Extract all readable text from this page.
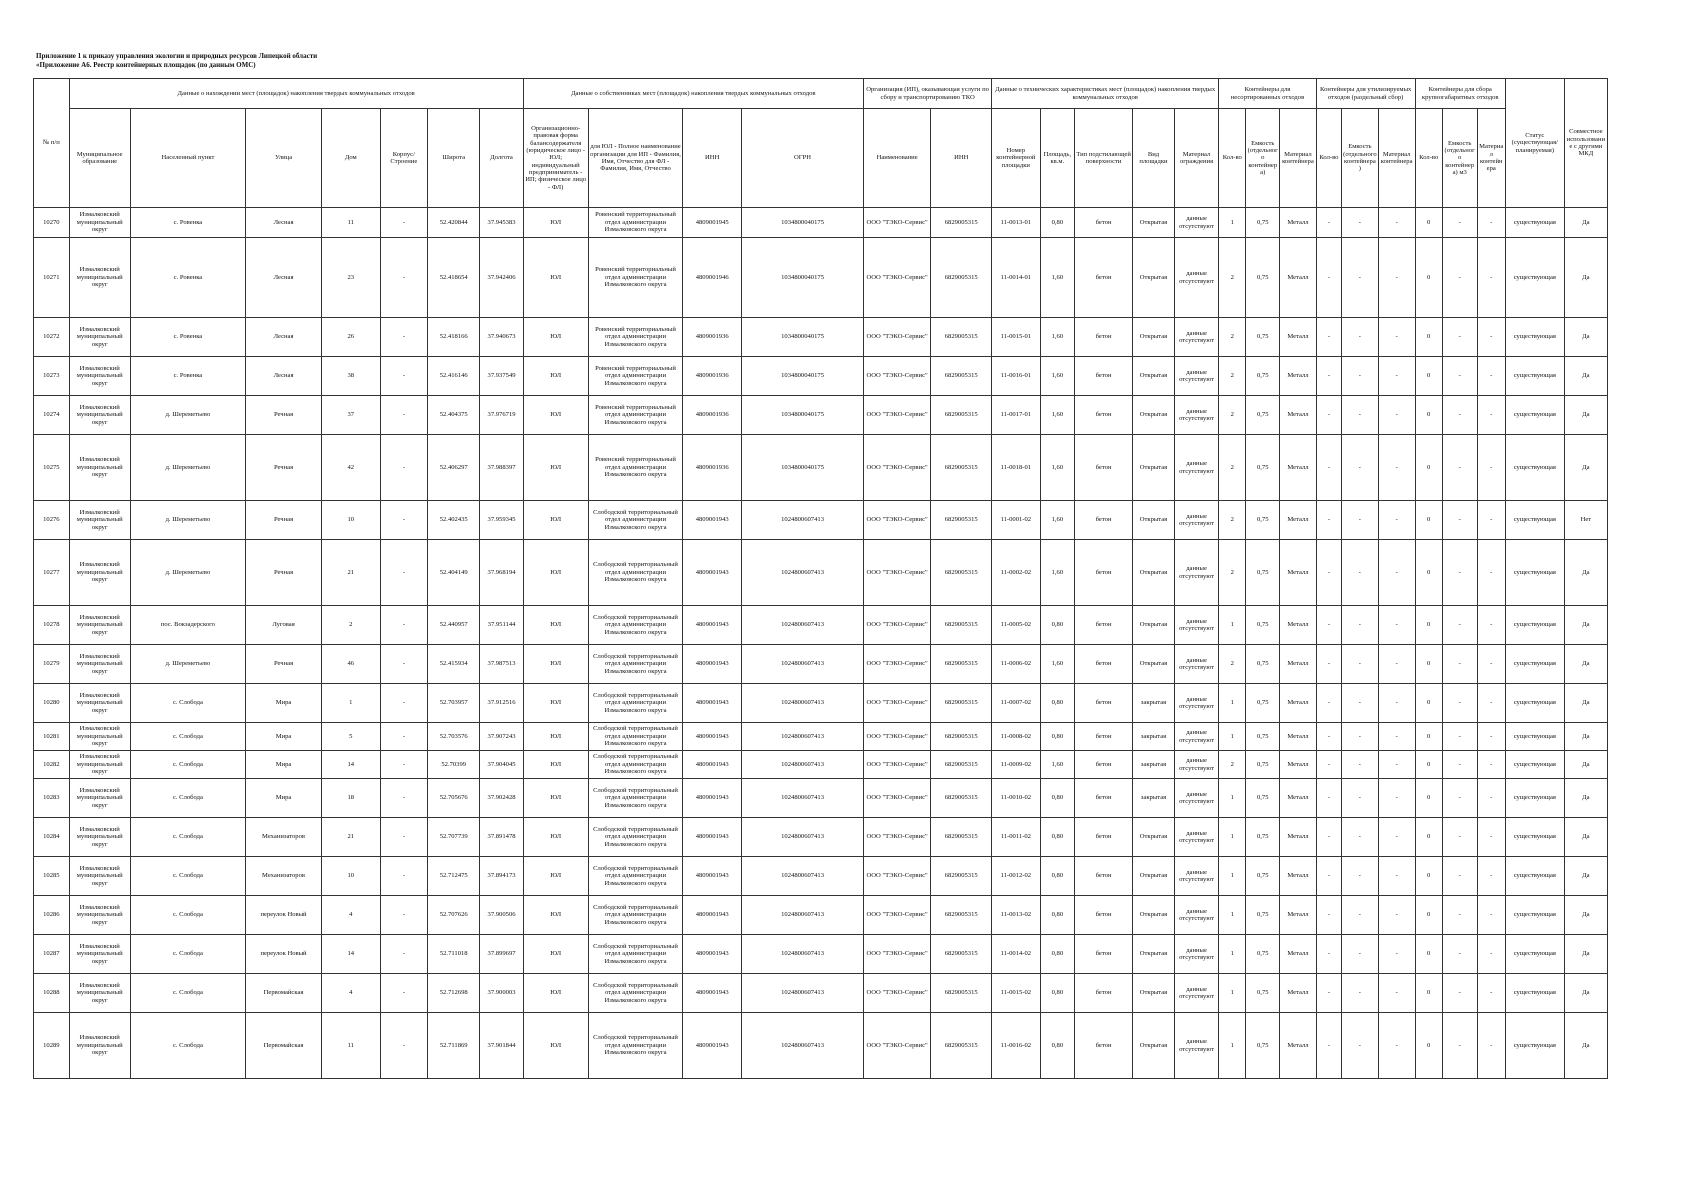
Приложение 1 к приказу управления экологии и природных ресурсов Липецкой области
«Приложение А6. Реестр контейнерных площадок (по данным ОМС)
№ п/п	Данные о нахождении мест (площадок) накопления твердых коммунальных отходов							Данные о собственниках мест (площадок) накопления твердых коммунальных отходов				Организация (ИП), оказывающая услуги по сбору и транспортированию ТКО		Данные о технических характеристиках мест (площадок) накопления твердых коммунальных отходов					Контейнеры для несортированных отходов			Контейнеры для утилизируемых отходов (раздельный сбор)			Контейнеры для сбора крупногабаритных отходов			Статус (существующая/ планируемая)	Совместное использование с другими МКД
	Муниципальное образование	Населенный пункт	Улица	Дом	Корпус/Строение	Широта	Долгота	Организационно-правовая форма балансодержателя (юридическое лицо - ЮЛ; индивидуальный предприниматель - ИП; физическое лицо - ФЛ)	для ЮЛ - Полное наименование организации для ИП - Фамилия, Имя, Отчество для ФЛ - Фамилия, Имя, Отчество	ИНН	ОГРН	Наименование	ИНН	Номер контейнерной площадки	Площадь, кв.м.	Тип подстилающей поверхности	Вид площадки	Материал ограждения	Кол-во	Емкость (отдельного контейнера)	Материал контейнера	Кол-во	Емкость (отдельного контейнера)	Материал контейнера	Кол-во	Емкость (отдельного контейнера) м3	Материал контейнера		

10270	Измалковский муниципальный округ	с. Ровенка	Лесная	11	-	52.420844	37.945383	ЮЛ	Ровенский территориальный отдел администрации Измалковского округа	4809001945	1034800040175	ООО "ТЭКО-Сервис"	6829005315	11-0013-01	0,80	бетон	Открытая	данные отсутствуют	1	0,75	Металл	-	-	-	0	-	-	существующая	Да

10271	Измалковский муниципальный округ	с. Ровенка	Лесная	23	-	52.418654	37.942406	ЮЛ	Ровенский территориальный отдел администрации Измалковского округа	4809001946	1034800040175	ООО "ТЭКО-Сервис"	6829005315	11-0014-01	1,60	бетон	Открытая	данные отсутствуют	2	0,75	Металл	-	-	-	0	-	-	существующая	Да

10272	Измалковский муниципальный округ	с. Ровенка	Лесная	26	-	52.418166	37.940673	ЮЛ	Ровенский территориальный отдел администрации Измалковского округа	4809001936	1034800040175	ООО "ТЭКО-Сервис"	6829005315	11-0015-01	1,60	бетон	Открытая	данные отсутствуют	2	0,75	Металл	-	-	-	0	-	-	существующая	Да

10273	Измалковский муниципальный округ	с. Ровенка	Лесная	38	-	52.416146	37.937549	ЮЛ	Ровенский территориальный отдел администрации Измалковского округа	4809001936	1034800040175	ООО "ТЭКО-Сервис"	6829005315	11-0016-01	1,60	бетон	Открытая	данные отсутствуют	2	0,75	Металл	-	-	-	0	-	-	существующая	Да

10274	Измалковский муниципальный округ	д. Шереметьево	Речная	37	-	52.404375	37.976719	ЮЛ	Ровенский территориальный отдел администрации Измалковского округа	4809001936	1034800040175	ООО "ТЭКО-Сервис"	6829005315	11-0017-01	1,60	бетон	Открытая	данные отсутствуют	2	0,75	Металл	-	-	-	0	-	-	существующая	Да

10275	Измалковский муниципальный округ	д. Шереметьево	Речная	42	-	52.406297	37.988397	ЮЛ	Ровенский территориальный отдел администрации Измалковского округа	4809001936	1034800040175	ООО "ТЭКО-Сервис"	6829005315	11-0018-01	1,60	бетон	Открытая	данные отсутствуют	2	0,75	Металл	-	-	-	0	-	-	существующая	Да

10276	Измалковский муниципальный округ	д. Шереметьево	Речная	10	-	52.402435	37.959345	ЮЛ	Слободской территориальный отдел администрации Измалковского округа	4809001943	1024800607413	ООО "ТЭКО-Сервис"	6829005315	11-0001-02	1,60	бетон	Открытая	данные отсутствуют	2	0,75	Металл	-	-	-	0	-	-	существующая	Нет

10277	Измалковский муниципальный округ	д. Шереметьево	Речная	21	-	52.404149	37.968194	ЮЛ	Слободской территориальный отдел администрации Измалковского округа	4809001943	1024800607413	ООО "ТЭКО-Сервис"	6829005315	11-0002-02	1,60	бетон	Открытая	данные отсутствуют	2	0,75	Металл	-	-	-	0	-	-	существующая	Да

10278	Измалковский муниципальный округ	пос. Вокзадерского	Луговая	2	-	52.440957	37.951144	ЮЛ	Слободской территориальный отдел администрации Измалковского округа	4809001943	1024800607413	ООО "ТЭКО-Сервис"	6829005315	11-0005-02	0,80	бетон	Открытая	данные отсутствуют	1	0,75	Металл	-	-	-	0	-	-	существующая	Да

10279	Измалковский муниципальный округ	д. Шереметьево	Речная	46	-	52.415934	37.987513	ЮЛ	Слободской территориальный отдел администрации Измалковского округа	4809001943	1024800607413	ООО "ТЭКО-Сервис"	6829005315	11-0006-02	1,60	бетон	Открытая	данные отсутствуют	2	0,75	Металл	-	-	-	0	-	-	существующая	Да

10280	Измалковский муниципальный округ	с. Слобода	Мира	1	-	52.703957	37.912516	ЮЛ	Слободской территориальный отдел администрации Измалковского округа	4809001943	1024800607413	ООО "ТЭКО-Сервис"	6829005315	11-0007-02	0,80	бетон	закрытая	данные отсутствуют	1	0,75	Металл	-	-	-	0	-	-	существующая	Да

10281	Измалковский муниципальный округ	с. Слобода	Мира	5	-	52.703576	37.907243	ЮЛ	Слободской территориальный отдел администрации Измалковского округа	4809001943	1024800607413	ООО "ТЭКО-Сервис"	6829005315	11-0008-02	0,80	бетон	закрытая	данные отсутствуют	1	0,75	Металл	-	-	-	0	-	-	существующая	Да

10282	Измалковский муниципальный округ	с. Слобода	Мира	14	-	52.70399	37.904045	ЮЛ	Слободской территориальный отдел администрации Измалковского округа	4809001943	1024800607413	ООО "ТЭКО-Сервис"	6829005315	11-0009-02	1,60	бетон	закрытая	данные отсутствуют	2	0,75	Металл	-	-	-	0	-	-	существующая	Да

10283	Измалковский муниципальный округ	с. Слобода	Мира	18	-	52.705676	37.902428	ЮЛ	Слободской территориальный отдел администрации Измалковского округа	4809001943	1024800607413	ООО "ТЭКО-Сервис"	6829005315	11-0010-02	0,80	бетон	закрытая	данные отсутствуют	1	0,75	Металл	-	-	-	0	-	-	существующая	Да

10284	Измалковский муниципальный округ	с. Слобода	Механизаторов	21	-	52.707739	37.891478	ЮЛ	Слободской территориальный отдел администрации Измалковского округа	4809001943	1024800607413	ООО "ТЭКО-Сервис"	6829005315	11-0011-02	0,80	бетон	Открытая	данные отсутствуют	1	0,75	Металл	-	-	-	0	-	-	существующая	Да

10285	Измалковский муниципальный округ	с. Слобода	Механизаторов	10	-	52.712475	37.894173	ЮЛ	Слободской территориальный отдел администрации Измалковского округа	4809001943	1024800607413	ООО "ТЭКО-Сервис"	6829005315	11-0012-02	0,80	бетон	Открытая	данные отсутствуют	1	0,75	Металл	-	-	-	0	-	-	существующая	Да

10286	Измалковский муниципальный округ	с. Слобода	переулок Новый	4	-	52.707626	37.900506	ЮЛ	Слободской территориальный отдел администрации Измалковского округа	4809001943	1024800607413	ООО "ТЭКО-Сервис"	6829005315	11-0013-02	0,80	бетон	Открытая	данные отсутствуют	1	0,75	Металл	-	-	-	0	-	-	существующая	Да

10287	Измалковский муниципальный округ	с. Слобода	переулок Новый	14	-	52.711018	37.899697	ЮЛ	Слободской территориальный отдел администрации Измалковского округа	4809001943	1024800607413	ООО "ТЭКО-Сервис"	6829005315	11-0014-02	0,80	бетон	Открытая	данные отсутствуют	1	0,75	Металл	-	-	-	0	-	-	существующая	Да

10288	Измалковский муниципальный округ	с. Слобода	Первомайская	4	-	52.712698	37.900003	ЮЛ	Слободской территориальный отдел администрации Измалковского округа	4809001943	1024800607413	ООО "ТЭКО-Сервис"	6829005315	11-0015-02	0,80	бетон	Открытая	данные отсутствуют	1	0,75	Металл	-	-	-	0	-	-	существующая	Да

10289	Измалковский муниципальный округ	с. Слобода	Первомайская	11	-	52.711869	37.901844	ЮЛ	Слободской территориальный отдел администрации Измалковского округа	4809001943	1024800607413	ООО "ТЭКО-Сервис"	6829005315	11-0016-02	0,80	бетон	Открытая	данные отсутствуют	1	0,75	Металл	-	-	-	0	-	-	существующая	Да
